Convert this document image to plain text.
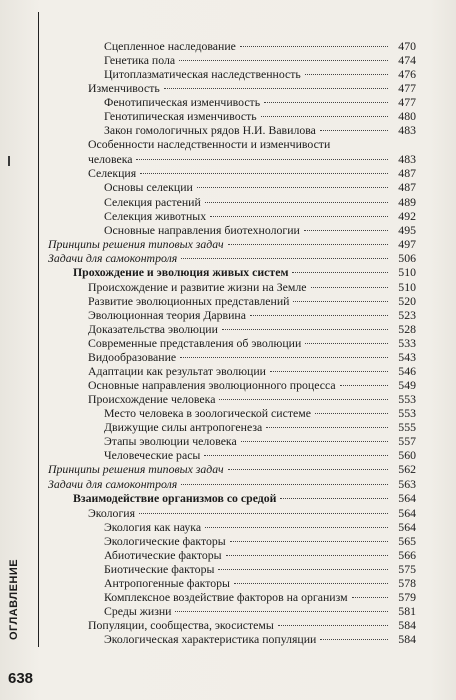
ОГЛАВЛЕНИЕ
638
Сцепленное наследование	470
Генетика пола	474
Цитоплазматическая наследственность	476
Изменчивость	477
Фенотипическая изменчивость	477
Генотипическая изменчивость	480
Закон гомологичных рядов Н.И. Вавилова	483
Особенности наследственности и изменчивости
человека	483
Селекция	487
Основы селекции	487
Селекция растений	489
Селекция животных	492
Основные направления биотехнологии	495
Принципы решения типовых задач	497
Задачи для самоконтроля	506
Прохождение и эволюция живых систем	510
Происхождение и развитие жизни на Земле	510
Развитие эволюционных представлений	520
Эволюционная теория Дарвина	523
Доказательства эволюции	528
Современные представления об эволюции	533
Видообразование	543
Адаптации как результат эволюции	546
Основные направления эволюционного процесса	549
Происхождение человека	553
Место человека в зоологической системе	553
Движущие силы антропогенеза	555
Этапы эволюции человека	557
Человеческие расы	560
Принципы решения типовых задач	562
Задачи для самоконтроля	563
Взаимодействие организмов со средой	564
Экология	564
Экология как наука	564
Экологические факторы	565
Абиотические факторы	566
Биотические факторы	575
Антропогенные факторы	578
Комплексное воздействие факторов на организм	579
Среды жизни	581
Популяции, сообщества, экосистемы	584
Экологическая характеристика популяции	584
